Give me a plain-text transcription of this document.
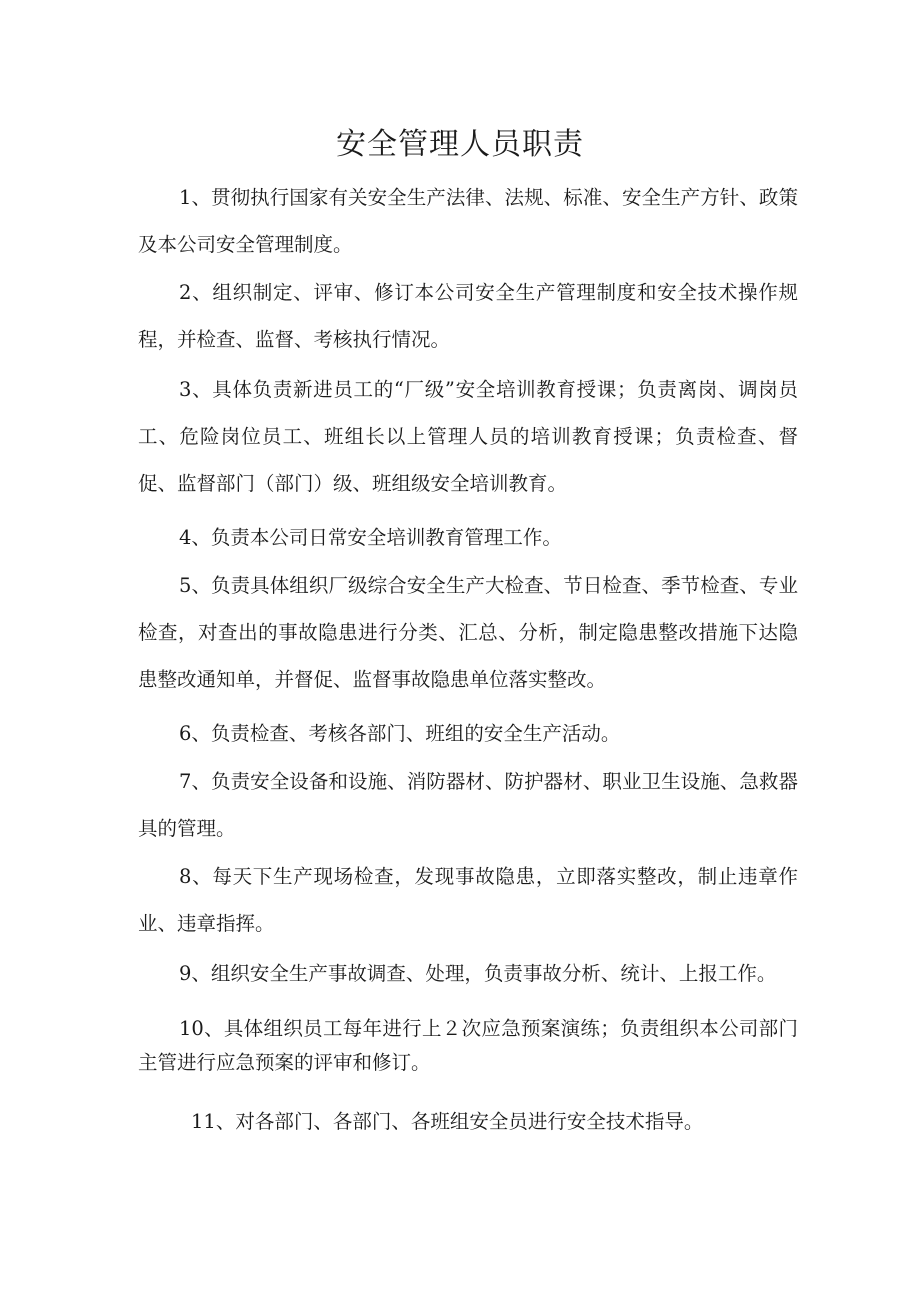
安全管理人员职责

1、贯彻执行国家有关安全生产法律、法规、标准、安全生产方针、政策及本公司安全管理制度。

2、组织制定、评审、修订本公司安全生产管理制度和安全技术操作规程，并检查、监督、考核执行情况。

3、具体负责新进员工的“厂级”安全培训教育授课；负责离岗、调岗员工、危险岗位员工、班组长以上管理人员的培训教育授课；负责检查、督促、监督部门（部门）级、班组级安全培训教育。

4、负责本公司日常安全培训教育管理工作。

5、负责具体组织厂级综合安全生产大检查、节日检查、季节检查、专业检查，对查出的事故隐患进行分类、汇总、分析，制定隐患整改措施下达隐患整改通知单，并督促、监督事故隐患单位落实整改。

6、负责检查、考核各部门、班组的安全生产活动。

7、负责安全设备和设施、消防器材、防护器材、职业卫生设施、急救器具的管理。

8、每天下生产现场检查，发现事故隐患，立即落实整改，制止违章作业、违章指挥。

9、组织安全生产事故调查、处理，负责事故分析、统计、上报工作。

10、具体组织员工每年进行上２次应急预案演练；负责组织本公司部门主管进行应急预案的评审和修订。

11、对各部门、各部门、各班组安全员进行安全技术指导。
